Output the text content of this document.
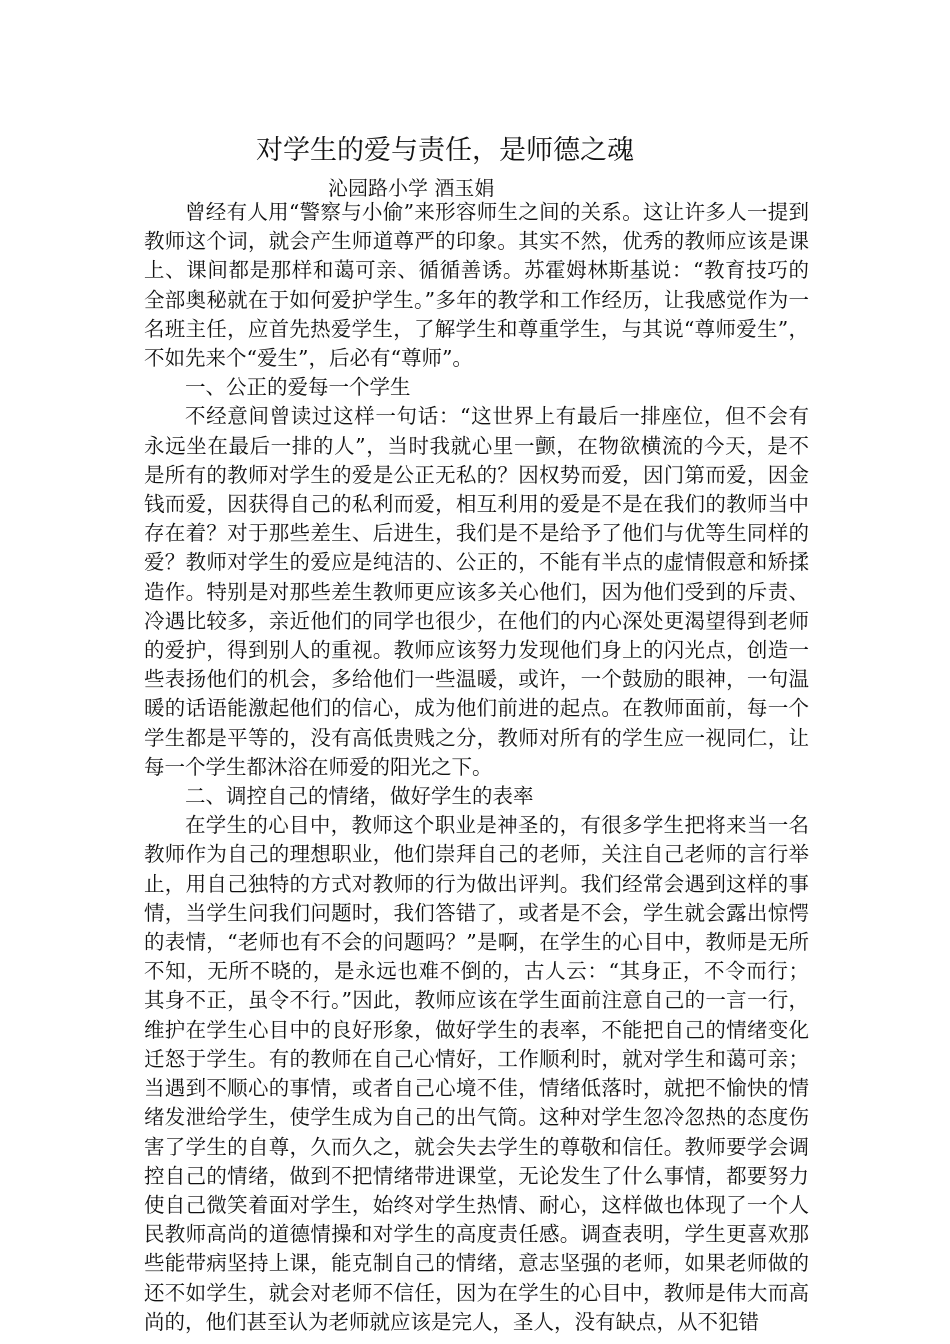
对学生的爱与责任，是师德之魂
沁园路小学 酒玉娟

曾经有人用“警察与小偷”来形容师生之间的关系。这让许多人一提到教师这个词，就会产生师道尊严的印象。其实不然，优秀的教师应该是课上、课间都是那样和蔼可亲、循循善诱。苏霍姆林斯基说：“教育技巧的全部奥秘就在于如何爱护学生。”多年的教学和工作经历，让我感觉作为一名班主任，应首先热爱学生，了解学生和尊重学生，与其说“尊师爱生”，不如先来个“爱生”，后必有“尊师”。

一、公正的爱每一个学生

不经意间曾读过这样一句话：“这世界上有最后一排座位，但不会有永远坐在最后一排的人”，当时我就心里一颤，在物欲横流的今天，是不是所有的教师对学生的爱是公正无私的？因权势而爱，因门第而爱，因金钱而爱，因获得自己的私利而爱，相互利用的爱是不是在我们的教师当中存在着？对于那些差生、后进生，我们是不是给予了他们与优等生同样的爱？教师对学生的爱应是纯洁的、公正的，不能有半点的虚情假意和矫揉造作。特别是对那些差生教师更应该多关心他们，因为他们受到的斥责、冷遇比较多，亲近他们的同学也很少，在他们的内心深处更渴望得到老师的爱护，得到别人的重视。教师应该努力发现他们身上的闪光点，创造一些表扬他们的机会，多给他们一些温暖，或许，一个鼓励的眼神，一句温暖的话语能激起他们的信心，成为他们前进的起点。在教师面前，每一个学生都是平等的，没有高低贵贱之分，教师对所有的学生应一视同仁，让每一个学生都沐浴在师爱的阳光之下。

二、调控自己的情绪，做好学生的表率

在学生的心目中，教师这个职业是神圣的，有很多学生把将来当一名教师作为自己的理想职业，他们崇拜自己的老师，关注自己老师的言行举止，用自己独特的方式对教师的行为做出评判。我们经常会遇到这样的事情，当学生问我们问题时，我们答错了，或者是不会，学生就会露出惊愕的表情，“老师也有不会的问题吗？”是啊，在学生的心目中，教师是无所不知，无所不晓的，是永远也难不倒的，古人云：“其身正，不令而行；其身不正，虽令不行。”因此，教师应该在学生面前注意自己的一言一行，维护在学生心目中的良好形象，做好学生的表率，不能把自己的情绪变化迁怒于学生。有的教师在自己心情好，工作顺利时，就对学生和蔼可亲；当遇到不顺心的事情，或者自己心境不佳，情绪低落时，就把不愉快的情绪发泄给学生，使学生成为自己的出气筒。这种对学生忽冷忽热的态度伤害了学生的自尊，久而久之，就会失去学生的尊敬和信任。教师要学会调控自己的情绪，做到不把情绪带进课堂，无论发生了什么事情，都要努力使自己微笑着面对学生，始终对学生热情、耐心，这样做也体现了一个人民教师高尚的道德情操和对学生的高度责任感。调查表明，学生更喜欢那些能带病坚持上课，能克制自己的情绪，意志坚强的老师，如果老师做的还不如学生，就会对老师不信任，因为在学生的心目中，教师是伟大而高尚的，他们甚至认为老师就应该是完人，圣人，没有缺点，从不犯错
